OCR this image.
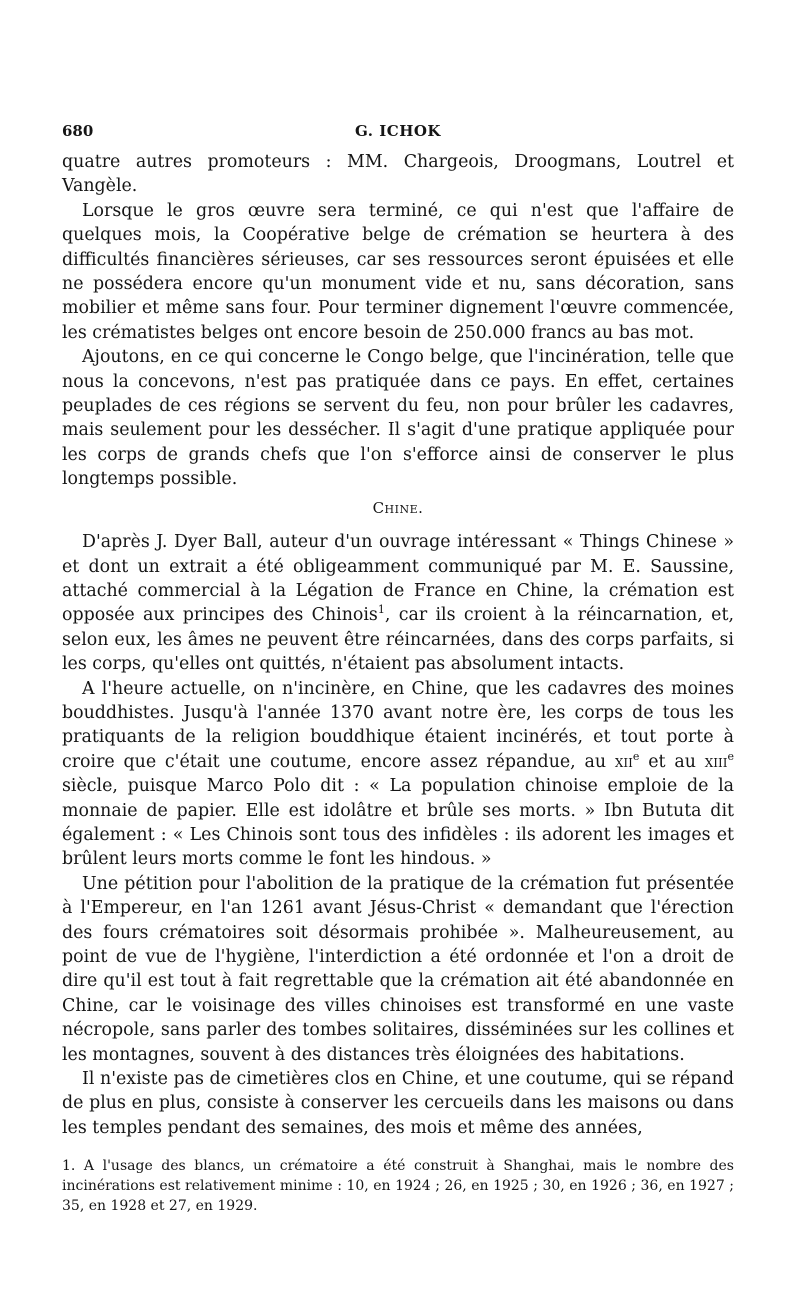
680	G. ICHOK

quatre autres promoteurs : MM. Chargeois, Droogmans, Loutrel et Vangèle.

Lorsque le gros œuvre sera terminé, ce qui n'est que l'affaire de quelques mois, la Coopérative belge de crémation se heurtera à des difficultés financières sérieuses, car ses ressources seront épuisées et elle ne possédera encore qu'un monument vide et nu, sans décoration, sans mobilier et même sans four. Pour terminer dignement l'œuvre commencée, les crématistes belges ont encore besoin de 250.000 francs au bas mot.

Ajoutons, en ce qui concerne le Congo belge, que l'incinération, telle que nous la concevons, n'est pas pratiquée dans ce pays. En effet, certaines peuplades de ces régions se servent du feu, non pour brûler les cadavres, mais seulement pour les dessécher. Il s'agit d'une pratique appliquée pour les corps de grands chefs que l'on s'efforce ainsi de conserver le plus longtemps possible.

Chine.

D'après J. Dyer Ball, auteur d'un ouvrage intéressant « Things Chinese » et dont un extrait a été obligeamment communiqué par M. E. Saussine, attaché commercial à la Légation de France en Chine, la crémation est opposée aux principes des Chinois$^1$, car ils croient à la réincarnation, et, selon eux, les âmes ne peuvent être réincarnées, dans des corps parfaits, si les corps, qu'elles ont quittés, n'étaient pas absolument intacts.

A l'heure actuelle, on n'incinère, en Chine, que les cadavres des moines bouddhistes. Jusqu'à l'année 1370 avant notre ère, les corps de tous les pratiquants de la religion bouddhique étaient incinérés, et tout porte à croire que c'était une coutume, encore assez répandue, au xii$^e$ et au xiii$^e$ siècle, puisque Marco Polo dit : « La population chinoise emploie de la monnaie de papier. Elle est idolâtre et brûle ses morts. » Ibn Bututa dit également : « Les Chinois sont tous des infidèles : ils adorent les images et brûlent leurs morts comme le font les hindous. »

Une pétition pour l'abolition de la pratique de la crémation fut présentée à l'Empereur, en l'an 1261 avant Jésus-Christ « demandant que l'érection des fours crématoires soit désormais prohibée ». Malheureusement, au point de vue de l'hygiène, l'interdiction a été ordonnée et l'on a droit de dire qu'il est tout à fait regrettable que la crémation ait été abandonnée en Chine, car le voisinage des villes chinoises est transformé en une vaste nécropole, sans parler des tombes solitaires, disséminées sur les collines et les montagnes, souvent à des distances très éloignées des habitations.

Il n'existe pas de cimetières clos en Chine, et une coutume, qui se répand de plus en plus, consiste à conserver les cercueils dans les maisons ou dans les temples pendant des semaines, des mois et même des années,

1. A l'usage des blancs, un crématoire a été construit à Shanghai, mais le nombre des incinérations est relativement minime : 10, en 1924 ; 26, en 1925 ; 30, en 1926 ; 36, en 1927 ; 35, en 1928 et 27, en 1929.
